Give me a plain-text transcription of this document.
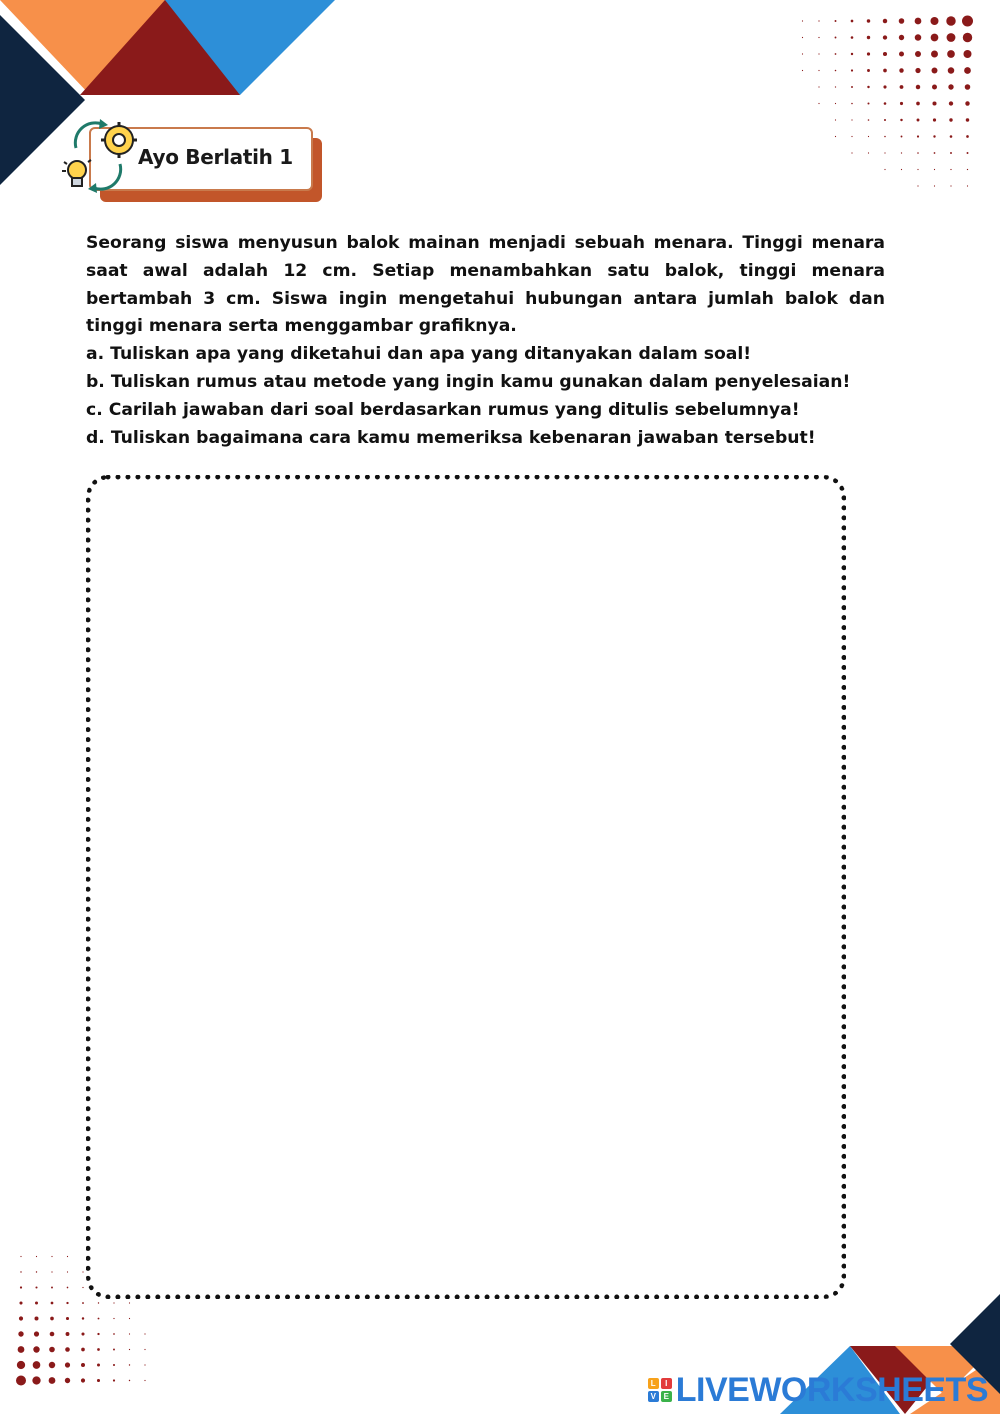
Ayo Berlatih 1

Seorang siswa menyusun balok mainan menjadi sebuah menara. Tinggi menara saat awal adalah 12 cm. Setiap menambahkan satu balok, tinggi menara bertambah 3 cm. Siswa ingin mengetahui hubungan antara jumlah balok dan tinggi menara serta menggambar grafiknya.

a. Tuliskan apa yang diketahui dan apa yang ditanyakan dalam soal!
b. Tuliskan rumus atau metode yang ingin kamu gunakan dalam penyelesaian!
c. Carilah jawaban dari soal berdasarkan rumus yang ditulis sebelumnya!
d. Tuliskan bagaimana cara kamu memeriksa kebenaran jawaban tersebut!
L	I
V E LIVEWORKSHEETS
